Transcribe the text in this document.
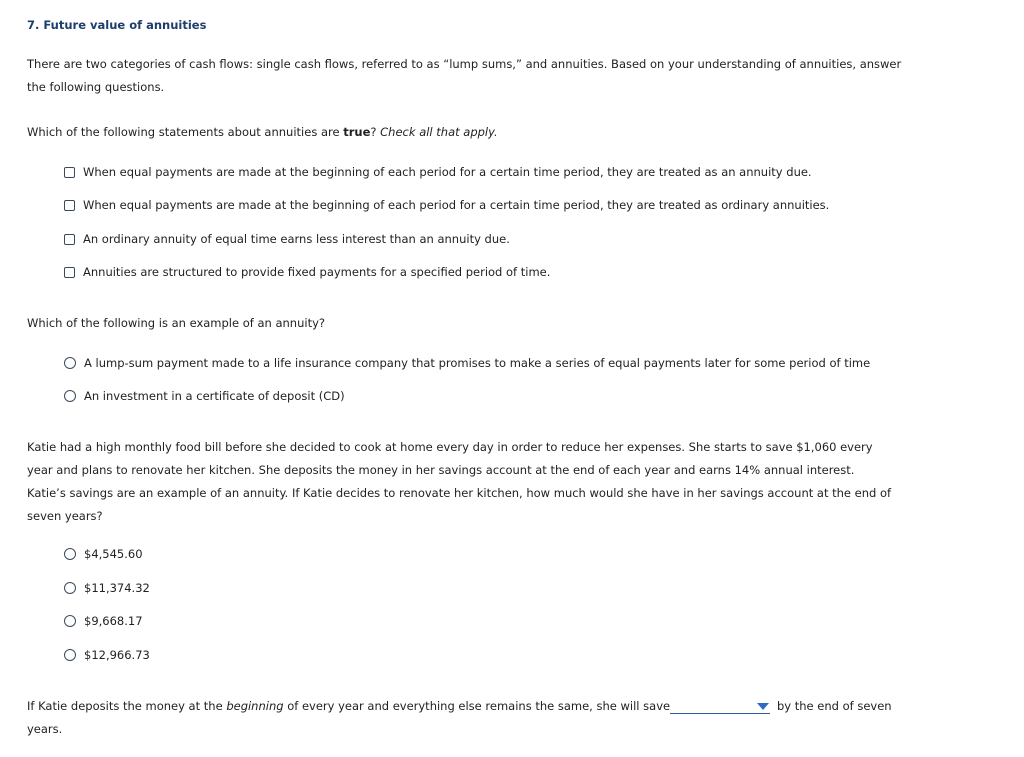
7. Future value of annuities

There are two categories of cash flows: single cash flows, referred to as “lump sums,” and annuities. Based on your understanding of annuities, answer the following questions.

Which of the following statements about annuities are true? Check all that apply.
When equal payments are made at the beginning of each period for a certain time period, they are treated as an annuity due.
When equal payments are made at the beginning of each period for a certain time period, they are treated as ordinary annuities.
An ordinary annuity of equal time earns less interest than an annuity due.
Annuities are structured to provide fixed payments for a specified period of time.
Which of the following is an example of an annuity?
A lump-sum payment made to a life insurance company that promises to make a series of equal payments later for some period of time
An investment in a certificate of deposit (CD)

Katie had a high monthly food bill before she decided to cook at home every day in order to reduce her expenses. She starts to save $1,060 every year and plans to renovate her kitchen. She deposits the money in her savings account at the end of each year and earns 14% annual interest. Katie’s savings are an example of an annuity. If Katie decides to renovate her kitchen, how much would she have in her savings account at the end of seven years?

$4,545.60
$11,374.32
$9,668.17
$12,966.73
If Katie deposits the money at the beginning of every year and everything else remains the same, she will save	by the end of seven
years.
